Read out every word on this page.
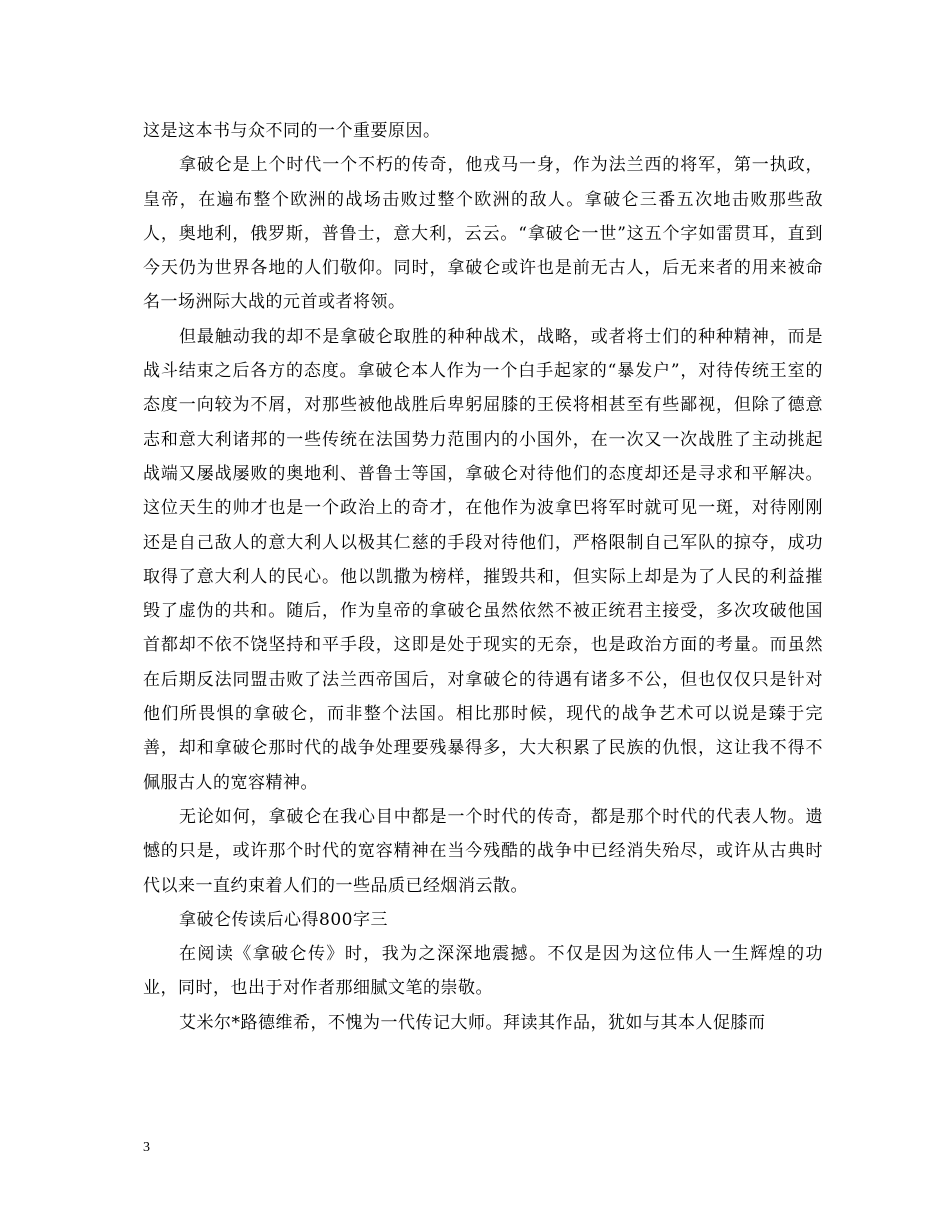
这是这本书与众不同的一个重要原因。

拿破仑是上个时代一个不朽的传奇，他戎马一身，作为法兰西的将军，第一执政，皇帝，在遍布整个欧洲的战场击败过整个欧洲的敌人。拿破仑三番五次地击败那些敌人，奥地利，俄罗斯，普鲁士，意大利，云云。“拿破仑一世”这五个字如雷贯耳，直到今天仍为世界各地的人们敬仰。同时，拿破仑或许也是前无古人，后无来者的用来被命名一场洲际大战的元首或者将领。

但最触动我的却不是拿破仑取胜的种种战术，战略，或者将士们的种种精神，而是战斗结束之后各方的态度。拿破仑本人作为一个白手起家的“暴发户”，对待传统王室的态度一向较为不屑，对那些被他战胜后卑躬屈膝的王侯将相甚至有些鄙视，但除了德意志和意大利诸邦的一些传统在法国势力范围内的小国外，在一次又一次战胜了主动挑起战端又屡战屡败的奥地利、普鲁士等国，拿破仑对待他们的态度却还是寻求和平解决。这位天生的帅才也是一个政治上的奇才，在他作为波拿巴将军时就可见一斑，对待刚刚还是自己敌人的意大利人以极其仁慈的手段对待他们，严格限制自己军队的掠夺，成功取得了意大利人的民心。他以凯撒为榜样，摧毁共和，但实际上却是为了人民的利益摧毁了虚伪的共和。随后，作为皇帝的拿破仑虽然依然不被正统君主接受，多次攻破他国首都却不依不饶坚持和平手段，这即是处于现实的无奈，也是政治方面的考量。而虽然在后期反法同盟击败了法兰西帝国后，对拿破仑的待遇有诸多不公，但也仅仅只是针对他们所畏惧的拿破仑，而非整个法国。相比那时候，现代的战争艺术可以说是臻于完善，却和拿破仑那时代的战争处理要残暴得多，大大积累了民族的仇恨，这让我不得不佩服古人的宽容精神。

无论如何，拿破仑在我心目中都是一个时代的传奇，都是那个时代的代表人物。遗憾的只是，或许那个时代的宽容精神在当今残酷的战争中已经消失殆尽，或许从古典时代以来一直约束着人们的一些品质已经烟消云散。

拿破仑传读后心得800字三

在阅读《拿破仑传》时，我为之深深地震撼。不仅是因为这位伟人一生辉煌的功业，同时，也出于对作者那细腻文笔的崇敬。

艾米尔*路德维希，不愧为一代传记大师。拜读其作品，犹如与其本人促膝而

3
